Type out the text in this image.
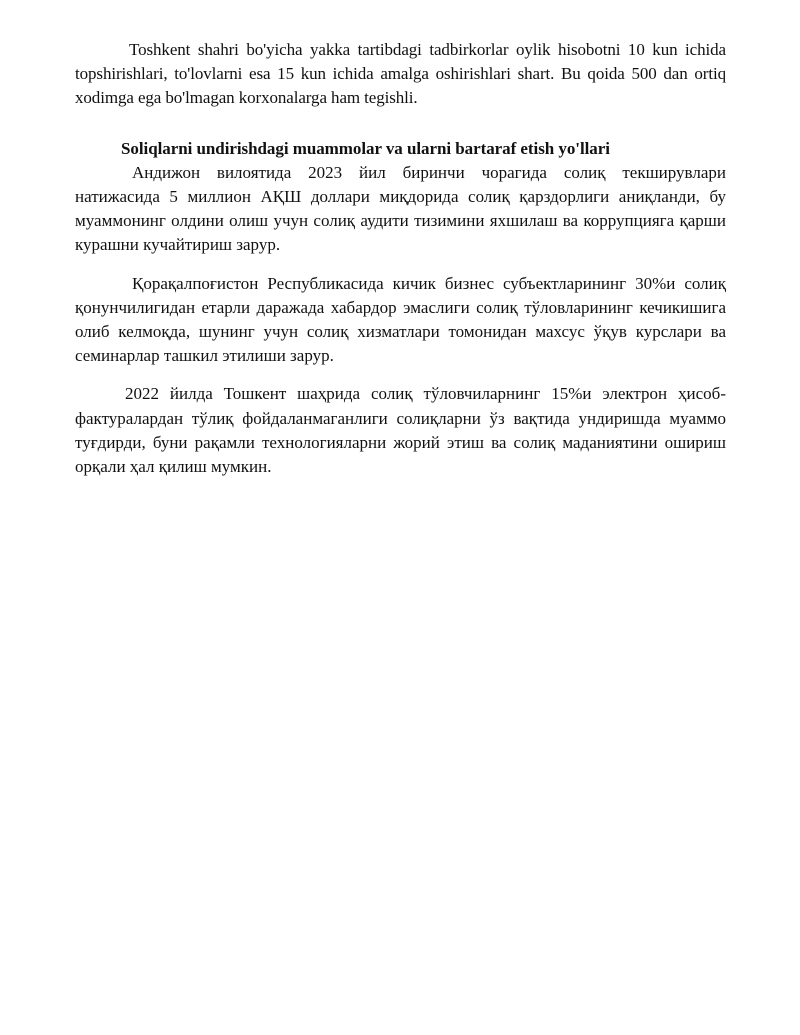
Toshkent shahri bo'yicha yakka tartibdagi tadbirkorlar oylik hisobotni 10 kun ichida topshirishlari, to'lovlarni esa 15 kun ichida amalga oshirishlari shart. Bu qoida 500 dan ortiq xodimga ega bo'lmagan korxonalarga ham tegishli.

Soliqlarni undirishdagi muammolar va ularni bartaraf etish yo'llari

Андижон вилоятида 2023 йил биринчи чорагида солиқ текширувлари натижасида 5 миллион АҚШ доллари миқдорида солиқ қарздорлиги аниқланди, бу муаммонинг олдини олиш учун солиқ аудити тизимини яхшилаш ва коррупцияга қарши курашни кучайтириш зарур.

Қорақалпоғистон Республикасида кичик бизнес субъектларининг 30%и солиқ қонунчилигидан етарли даражада хабардор эмаслиги солиқ тўловларининг кечикишига олиб келмоқда, шунинг учун солиқ хизматлари томонидан махсус ўқув курслари ва семинарлар ташкил этилиши зарур.

2022 йилда Тошкент шаҳрида солиқ тўловчиларнинг 15%и электрон ҳисоб-фактуралардан тўлиқ фойдаланмаганлиги солиқларни ўз вақтида ундиришда муаммо туғдирди, буни рақамли технологияларни жорий этиш ва солиқ маданиятини ошириш орқали ҳал қилиш мумкин.
